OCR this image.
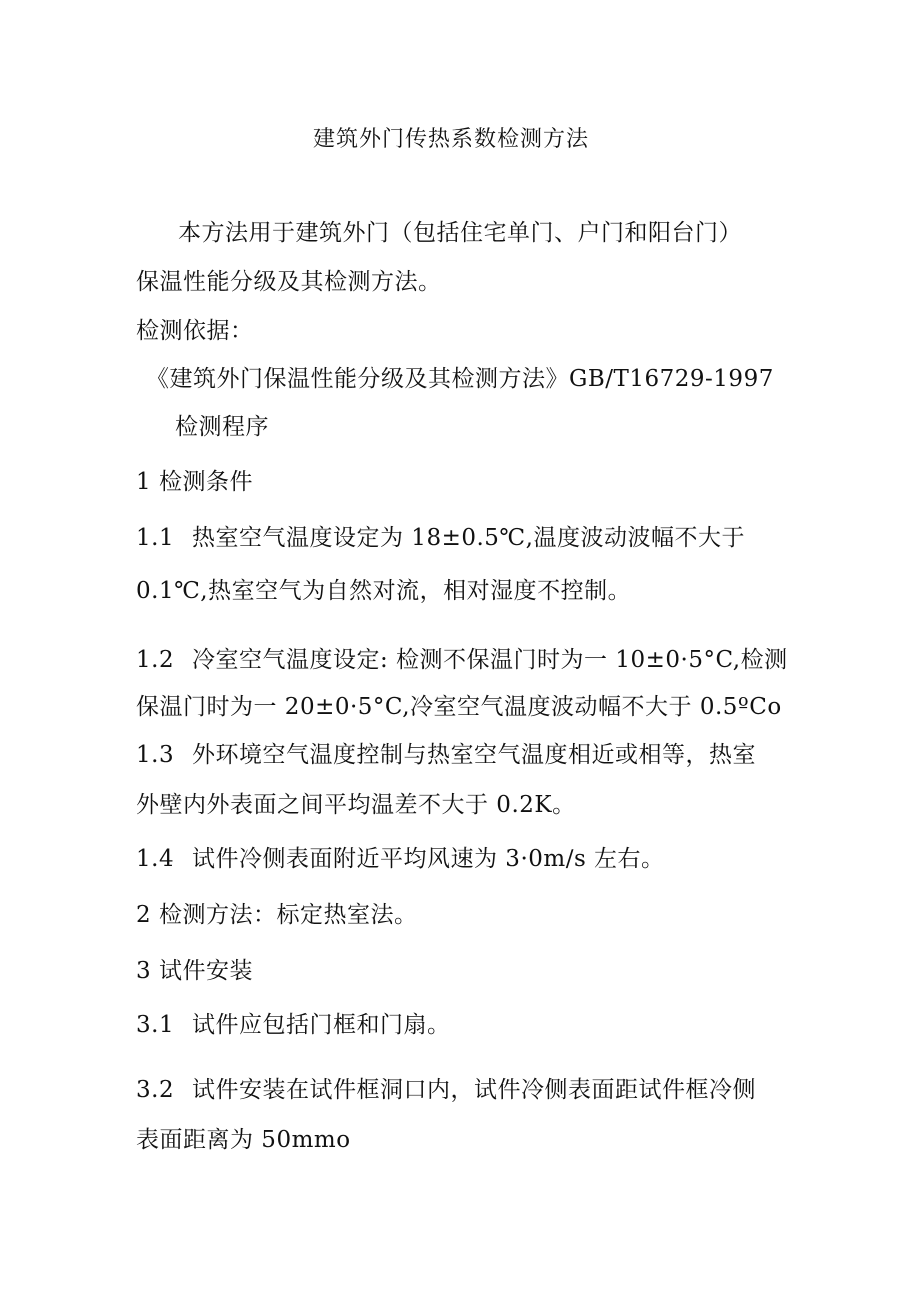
建筑外门传热系数检测方法
本方法用于建筑外门（包括住宅单门、户门和阳台门）
保温性能分级及其检测方法。
检测依据：
《建筑外门保温性能分级及其检测方法》GB/T16729-1997
检测程序
1 检测条件
1.1 热室空气温度设定为 18±0.5℃,温度波动波幅不大于
0.1℃,热室空气为自然对流，相对湿度不控制。
1.2 冷室空气温度设定: 检测不保温门时为一 10±0·5°C,检测
保温门时为一 20±0·5°C,冷室空气温度波动幅不大于 0.5ºCo
1.3 外环境空气温度控制与热室空气温度相近或相等，热室
外壁内外表面之间平均温差不大于 0.2K。
1.4 试件冷侧表面附近平均风速为 3·0m∕s 左右。
2 检测方法：标定热室法。
3 试件安装
3.1 试件应包括门框和门扇。
3.2 试件安装在试件框洞口内，试件冷侧表面距试件框冷侧
表面距离为 50mmo
